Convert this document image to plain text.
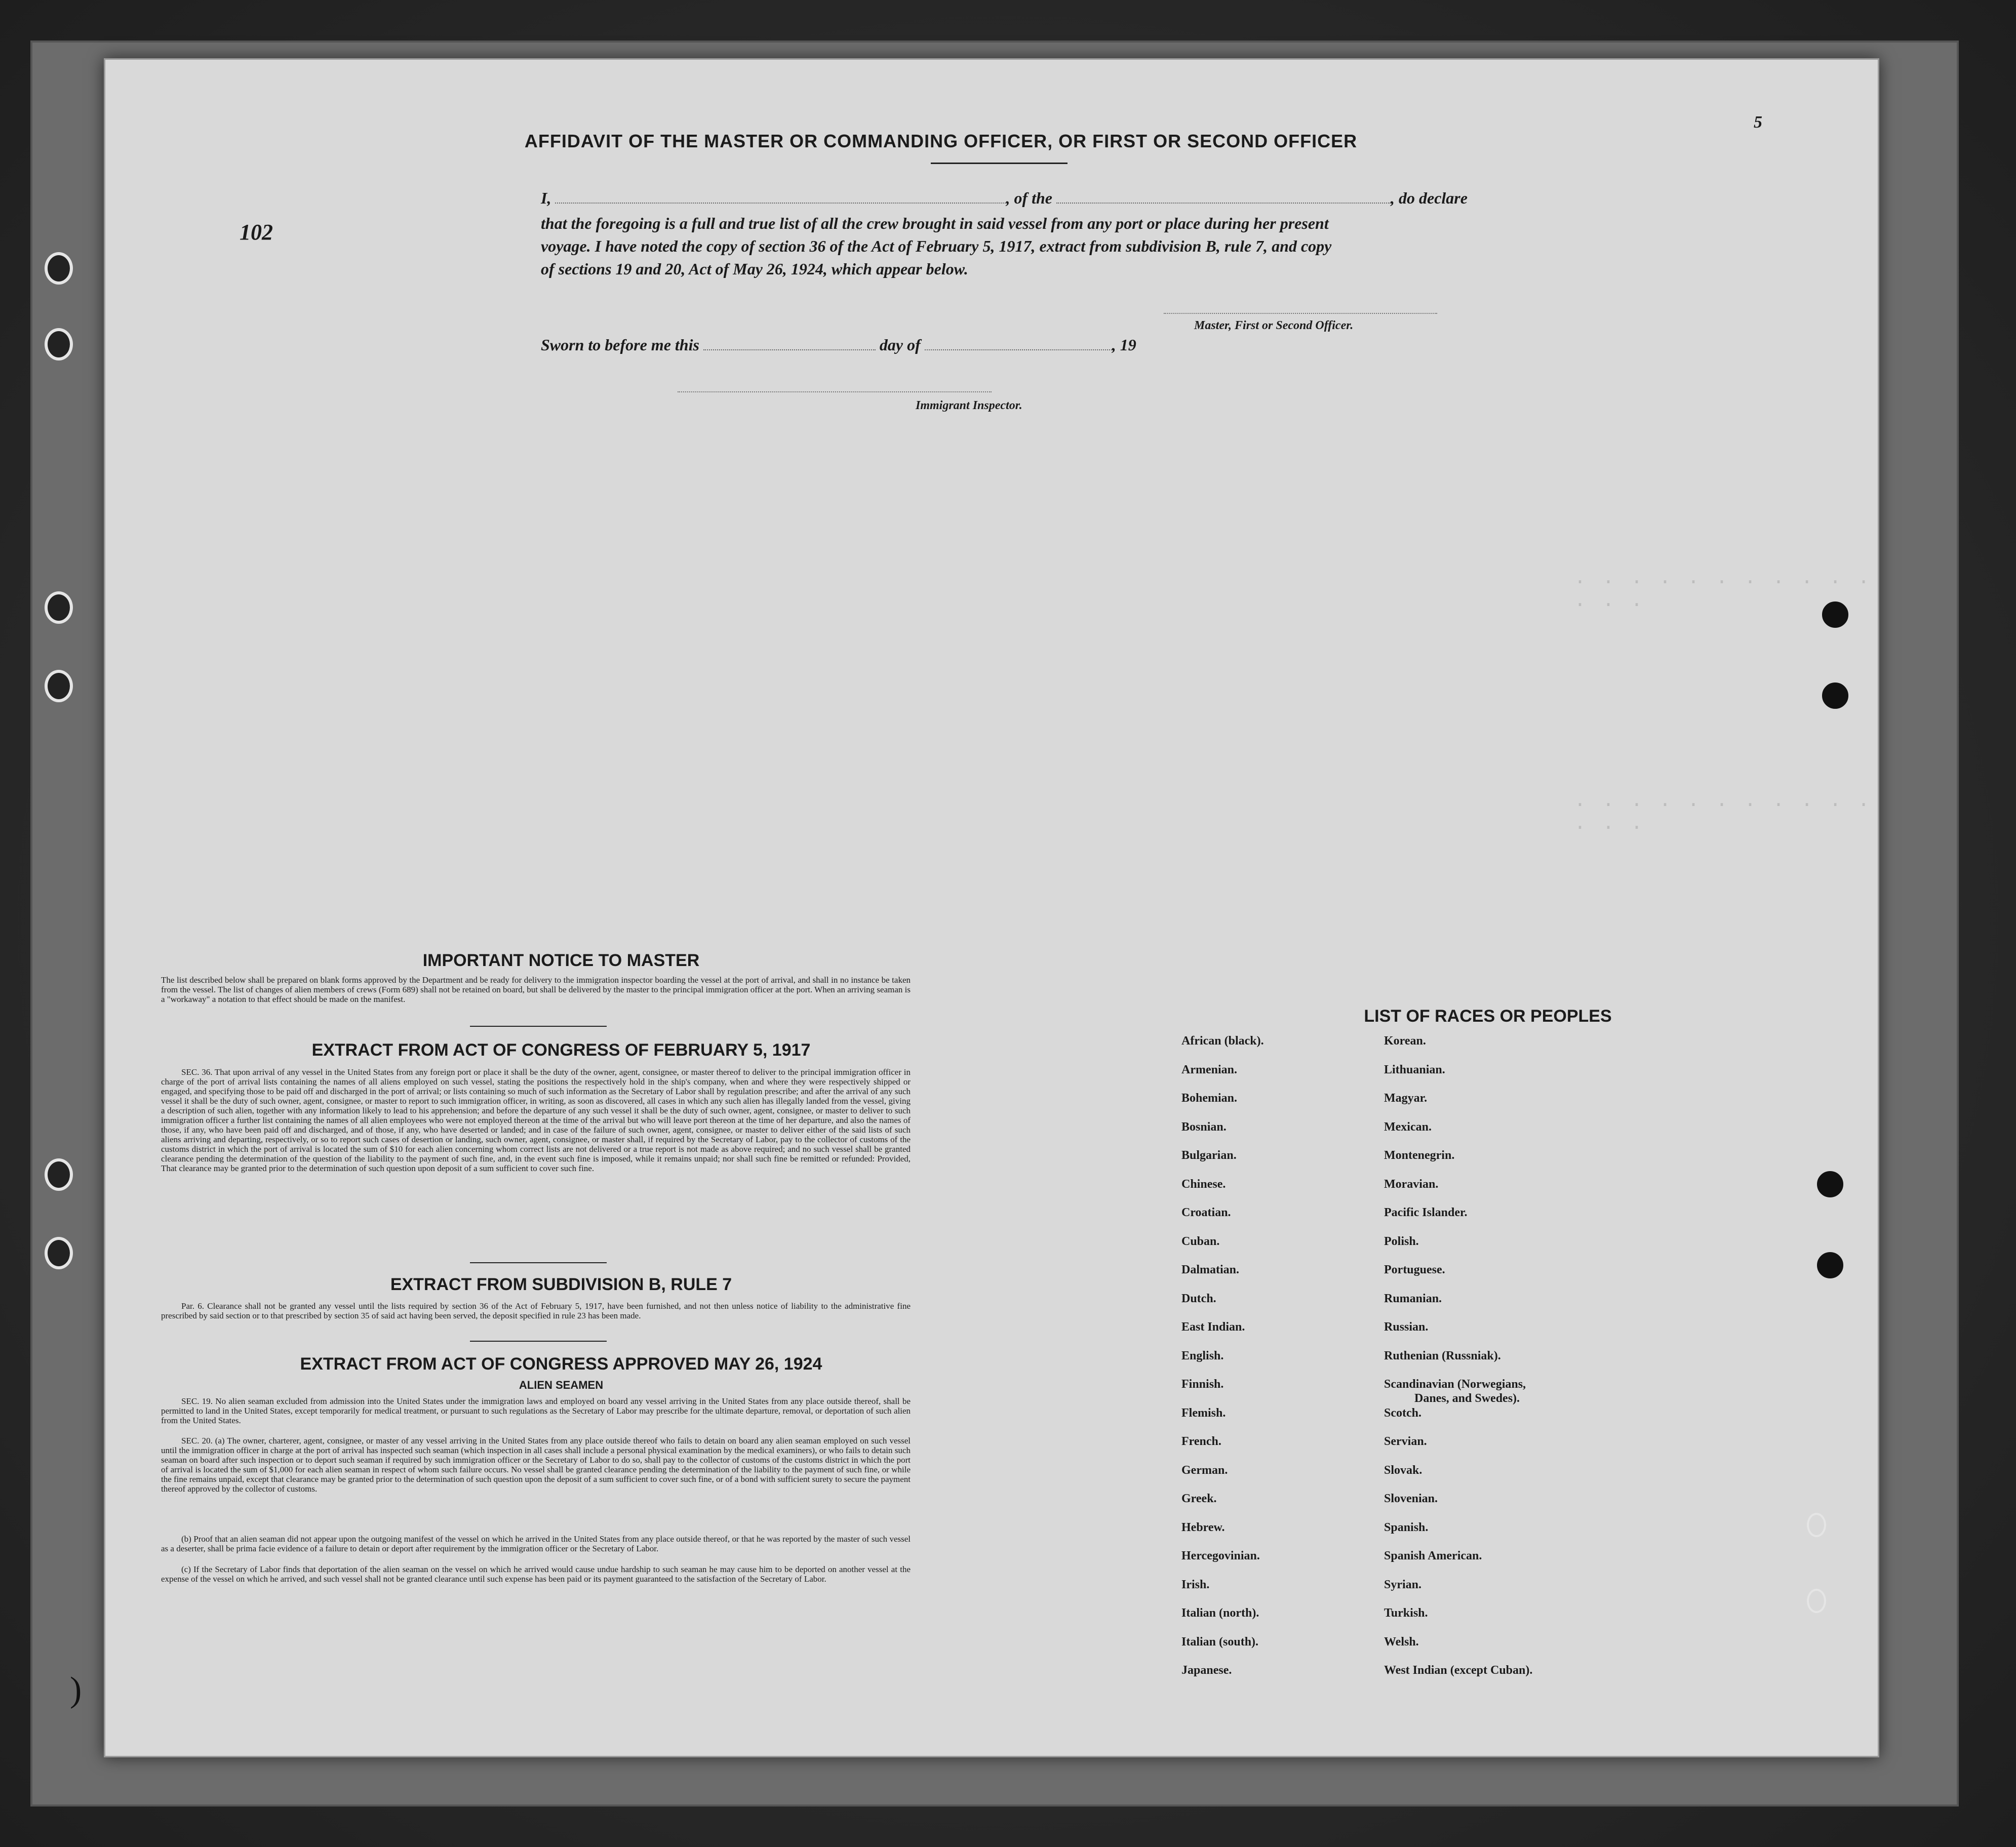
· · · · · · · · · · · · · ·
· · · · · · · · · · · · · ·
102
5
AFFIDAVIT OF THE MASTER OR COMMANDING OFFICER, OR FIRST OR SECOND OFFICER
I,	, of the	, do declare
that the foregoing is a full and true list of all the crew brought in said vessel from any port or place during her present
voyage. I have noted the copy of section 36 of the Act of February 5, 1917, extract from subdivision B, rule 7, and copy
of sections 19 and 20, Act of May 26, 1924, which appear below.
Master, First or Second Officer.
Sworn to before me this	day of	, 19
Immigrant Inspector.
IMPORTANT NOTICE TO MASTER
The list described below shall be prepared on blank forms approved by the Department and be ready for delivery to the immigration inspector boarding the vessel at the port of arrival, and shall in no instance be taken from the vessel. The list of changes of alien members of crews (Form 689) shall not be retained on board, but shall be delivered by the master to the principal immigration officer at the port. When an arriving seaman is a "workaway" a notation to that effect should be made on the manifest.
EXTRACT FROM ACT OF CONGRESS OF FEBRUARY 5, 1917
SEC. 36. That upon arrival of any vessel in the United States from any foreign port or place it shall be the duty of the owner, agent, consignee, or master thereof to deliver to the principal immigration officer in charge of the port of arrival lists containing the names of all aliens employed on such vessel, stating the positions the respectively hold in the ship's company, when and where they were respectively shipped or engaged, and specifying those to be paid off and discharged in the port of arrival; or lists containing so much of such information as the Secretary of Labor shall by regulation prescribe; and after the arrival of any such vessel it shall be the duty of such owner, agent, consignee, or master to report to such immigration officer, in writing, as soon as discovered, all cases in which any such alien has illegally landed from the vessel, giving a description of such alien, together with any information likely to lead to his apprehension; and before the departure of any such vessel it shall be the duty of such owner, agent, consignee, or master to deliver to such immigration officer a further list containing the names of all alien employees who were not employed thereon at the time of the arrival but who will leave port thereon at the time of her departure, and also the names of those, if any, who have been paid off and discharged, and of those, if any, who have deserted or landed; and in case of the failure of such owner, agent, consignee, or master to deliver either of the said lists of such aliens arriving and departing, respectively, or so to report such cases of desertion or landing, such owner, agent, consignee, or master shall, if required by the Secretary of Labor, pay to the collector of customs of the customs district in which the port of arrival is located the sum of $10 for each alien concerning whom correct lists are not delivered or a true report is not made as above required; and no such vessel shall be granted clearance pending the determination of the question of the liability to the payment of such fine, and, in the event such fine is imposed, while it remains unpaid; nor shall such fine be remitted or refunded: Provided, That clearance may be granted prior to the determination of such question upon deposit of a sum sufficient to cover such fine.
EXTRACT FROM SUBDIVISION B, RULE 7
Par. 6. Clearance shall not be granted any vessel until the lists required by section 36 of the Act of February 5, 1917, have been furnished, and not then unless notice of liability to the administrative fine prescribed by said section or to that prescribed by section 35 of said act having been served, the deposit specified in rule 23 has been made.
EXTRACT FROM ACT OF CONGRESS APPROVED MAY 26, 1924
ALIEN SEAMEN
SEC. 19. No alien seaman excluded from admission into the United States under the immigration laws and employed on board any vessel arriving in the United States from any place outside thereof, shall be permitted to land in the United States, except temporarily for medical treatment, or pursuant to such regulations as the Secretary of Labor may prescribe for the ultimate departure, removal, or deportation of such alien from the United States.
SEC. 20. (a) The owner, charterer, agent, consignee, or master of any vessel arriving in the United States from any place outside thereof who fails to detain on board any alien seaman employed on such vessel until the immigration officer in charge at the port of arrival has inspected such seaman (which inspection in all cases shall include a personal physical examination by the medical examiners), or who fails to detain such seaman on board after such inspection or to deport such seaman if required by such immigration officer or the Secretary of Labor to do so, shall pay to the collector of customs of the customs district in which the port of arrival is located the sum of $1,000 for each alien seaman in respect of whom such failure occurs. No vessel shall be granted clearance pending the determination of the liability to the payment of such fine, or while the fine remains unpaid, except that clearance may be granted prior to the determination of such question upon the deposit of a sum sufficient to cover such fine, or of a bond with sufficient surety to secure the payment thereof approved by the collector of customs.
(b) Proof that an alien seaman did not appear upon the outgoing manifest of the vessel on which he arrived in the United States from any place outside thereof, or that he was reported by the master of such vessel as a deserter, shall be prima facie evidence of a failure to detain or deport after requirement by the immigration officer or the Secretary of Labor.
(c) If the Secretary of Labor finds that deportation of the alien seaman on the vessel on which he arrived would cause undue hardship to such seaman he may cause him to be deported on another vessel at the expense of the vessel on which he arrived, and such vessel shall not be granted clearance until such expense has been paid or its payment guaranteed to the satisfaction of the Secretary of Labor.
LIST OF RACES OR PEOPLES
)
African (black).
Armenian.
Bohemian.
Bosnian.
Bulgarian.
Chinese.
Croatian.
Cuban.
Dalmatian.
Dutch.
East Indian.
English.
Finnish.
Flemish.
French.
German.
Greek.
Hebrew.
Hercegovinian.
Irish.
Italian (north).
Italian (south).
Japanese.
Korean.
Lithuanian.
Magyar.
Mexican.
Montenegrin.
Moravian.
Pacific Islander.
Polish.
Portuguese.
Rumanian.
Russian.
Ruthenian (Russniak).
Scandinavian (Norwegians,
Danes, and Swedes).
Scotch.
Servian.
Slovak.
Slovenian.
Spanish.
Spanish American.
Syrian.
Turkish.
Welsh.
West Indian (except Cuban).
